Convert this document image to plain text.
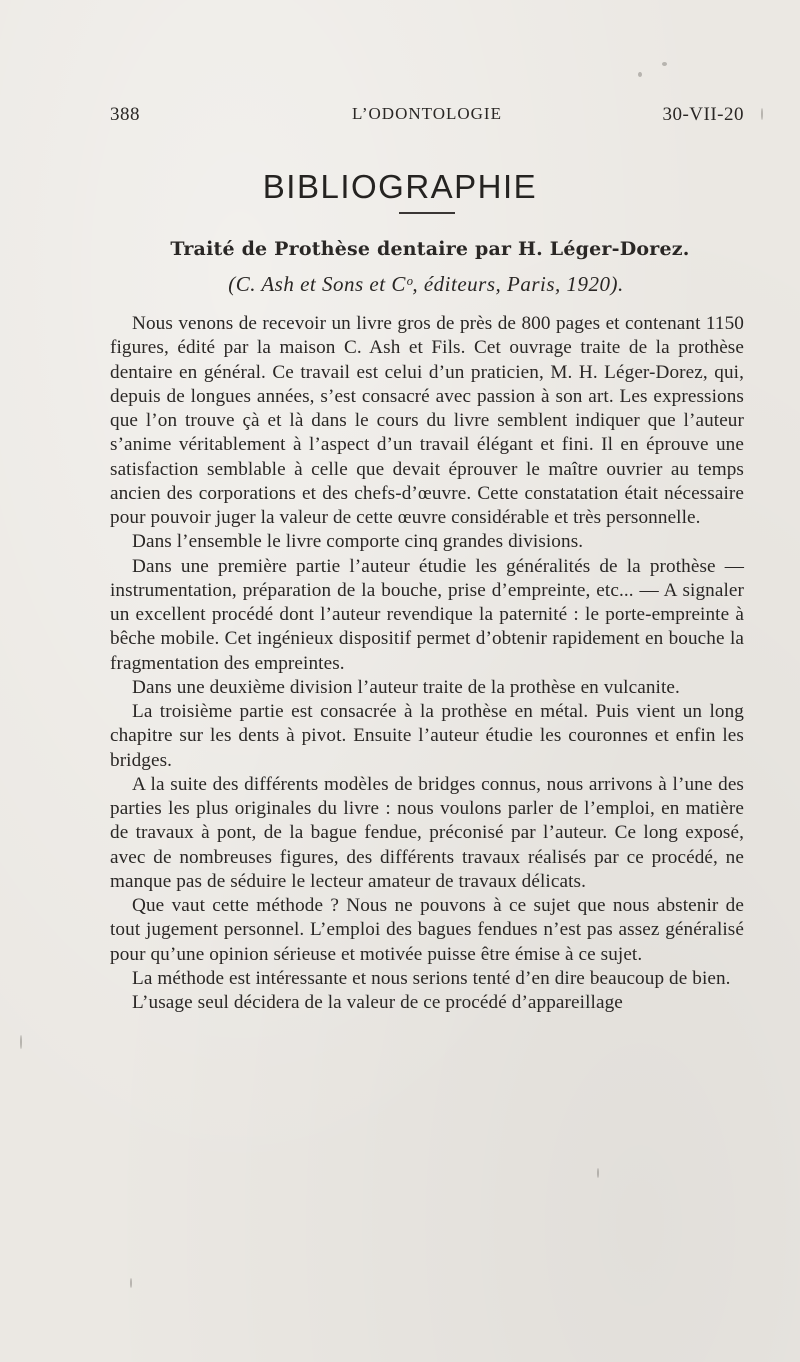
388	L’ODONTOLOGIE	30-VII-20
BIBLIOGRAPHIE
Traité de Prothèse dentaire par H. Léger-Dorez.
(C. Ash et Sons et Cᵒ, éditeurs, Paris, 1920).

Nous venons de recevoir un livre gros de près de 800 pages et contenant 1150 figures, édité par la maison C. Ash et Fils. Cet ouvrage traite de la prothèse dentaire en général. Ce travail est celui d’un praticien, M. H. Léger-Dorez, qui, depuis de longues années, s’est consacré avec passion à son art. Les expressions que l’on trouve çà et là dans le cours du livre semblent indiquer que l’auteur s’anime véritablement à l’aspect d’un travail élégant et fini. Il en éprouve une satisfaction semblable à celle que devait éprouver le maître ouvrier au temps ancien des corporations et des chefs-d’œuvre. Cette constatation était nécessaire pour pouvoir juger la valeur de cette œuvre considérable et très personnelle.

Dans l’ensemble le livre comporte cinq grandes divisions.

Dans une première partie l’auteur étudie les généralités de la prothèse — instrumentation, préparation de la bouche, prise d’empreinte, etc... — A signaler un excellent procédé dont l’auteur revendique la paternité : le porte-empreinte à bêche mobile. Cet ingénieux dispositif permet d’obtenir rapidement en bouche la fragmentation des empreintes.

Dans une deuxième division l’auteur traite de la prothèse en vulcanite.

La troisième partie est consacrée à la prothèse en métal. Puis vient un long chapitre sur les dents à pivot. Ensuite l’auteur étudie les couronnes et enfin les bridges.

A la suite des différents modèles de bridges connus, nous arrivons à l’une des parties les plus originales du livre : nous voulons parler de l’emploi, en matière de travaux à pont, de la bague fendue, préconisé par l’auteur. Ce long exposé, avec de nombreuses figures, des différents travaux réalisés par ce procédé, ne manque pas de séduire le lecteur amateur de travaux délicats.

Que vaut cette méthode ? Nous ne pouvons à ce sujet que nous abstenir de tout jugement personnel. L’emploi des bagues fendues n’est pas assez généralisé pour qu’une opinion sérieuse et motivée puisse être émise à ce sujet.

La méthode est intéressante et nous serions tenté d’en dire beaucoup de bien.

L’usage seul décidera de la valeur de ce procédé d’appareillage
